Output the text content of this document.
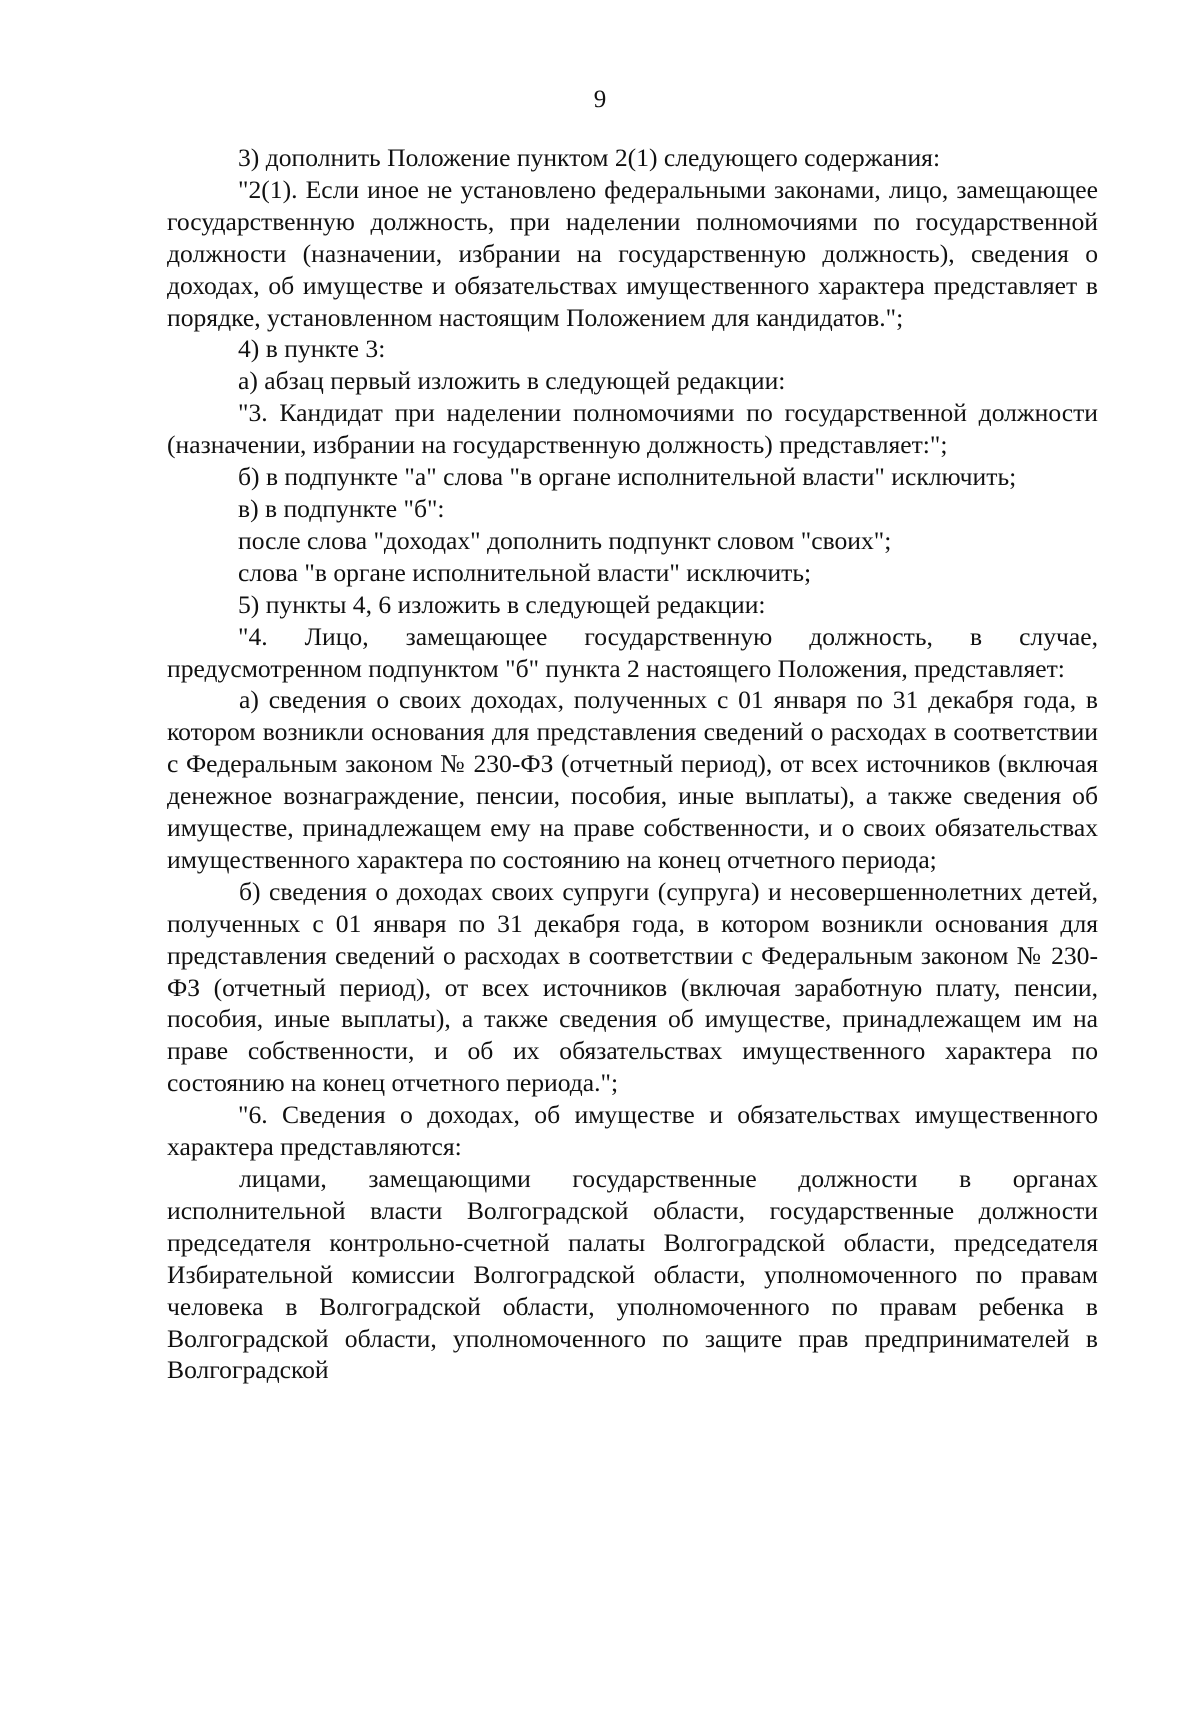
9

3) дополнить Положение пунктом 2(1) следующего содержания:

"2(1). Если иное не установлено федеральными законами, лицо, замещающее государственную должность, при наделении полномочиями по государственной должности (назначении, избрании на государственную должность), сведения о доходах, об имуществе и обязательствах имущественного характера представляет в порядке, установленном настоящим Положением для кандидатов.";

4) в пункте 3:

а) абзац первый изложить в следующей редакции:

"3. Кандидат при наделении полномочиями по государственной должности (назначении, избрании на государственную должность) представляет:";

б) в подпункте "а" слова "в органе исполнительной власти" исключить;

в) в подпункте "б":

после слова "доходах" дополнить подпункт словом "своих";

слова "в органе исполнительной власти" исключить;

5) пункты 4, 6 изложить в следующей редакции:

"4. Лицо, замещающее государственную должность, в случае, предусмотренном подпунктом "б" пункта 2 настоящего Положения, представляет:

а) сведения о своих доходах, полученных с 01 января по 31 декабря года, в котором возникли основания для представления сведений о расходах в соответствии с Федеральным законом № 230-ФЗ (отчетный период), от всех источников (включая денежное вознаграждение, пенсии, пособия, иные выплаты), а также сведения об имуществе, принадлежащем ему на праве собственности, и о своих обязательствах имущественного характера по состоянию на конец отчетного периода;

б) сведения о доходах своих супруги (супруга) и несовершеннолетних детей, полученных с 01 января по 31 декабря года, в котором возникли основания для представления сведений о расходах в соответствии с Федеральным законом № 230-ФЗ (отчетный период), от всех источников (включая заработную плату, пенсии, пособия, иные выплаты), а также сведения об имуществе, принадлежащем им на праве собственности, и об их обязательствах имущественного характера по состоянию на конец отчетного периода.";

"6. Сведения о доходах, об имуществе и обязательствах имущественного характера представляются:

лицами, замещающими государственные должности в органах исполнительной власти Волгоградской области, государственные должности председателя контрольно-счетной палаты Волгоградской области, председателя Избирательной комиссии Волгоградской области, уполномоченного по правам человека в Волгоградской области, уполномоченного по правам ребенка в Волгоградской области, уполномоченного по защите прав предпринимателей в Волгоградской
